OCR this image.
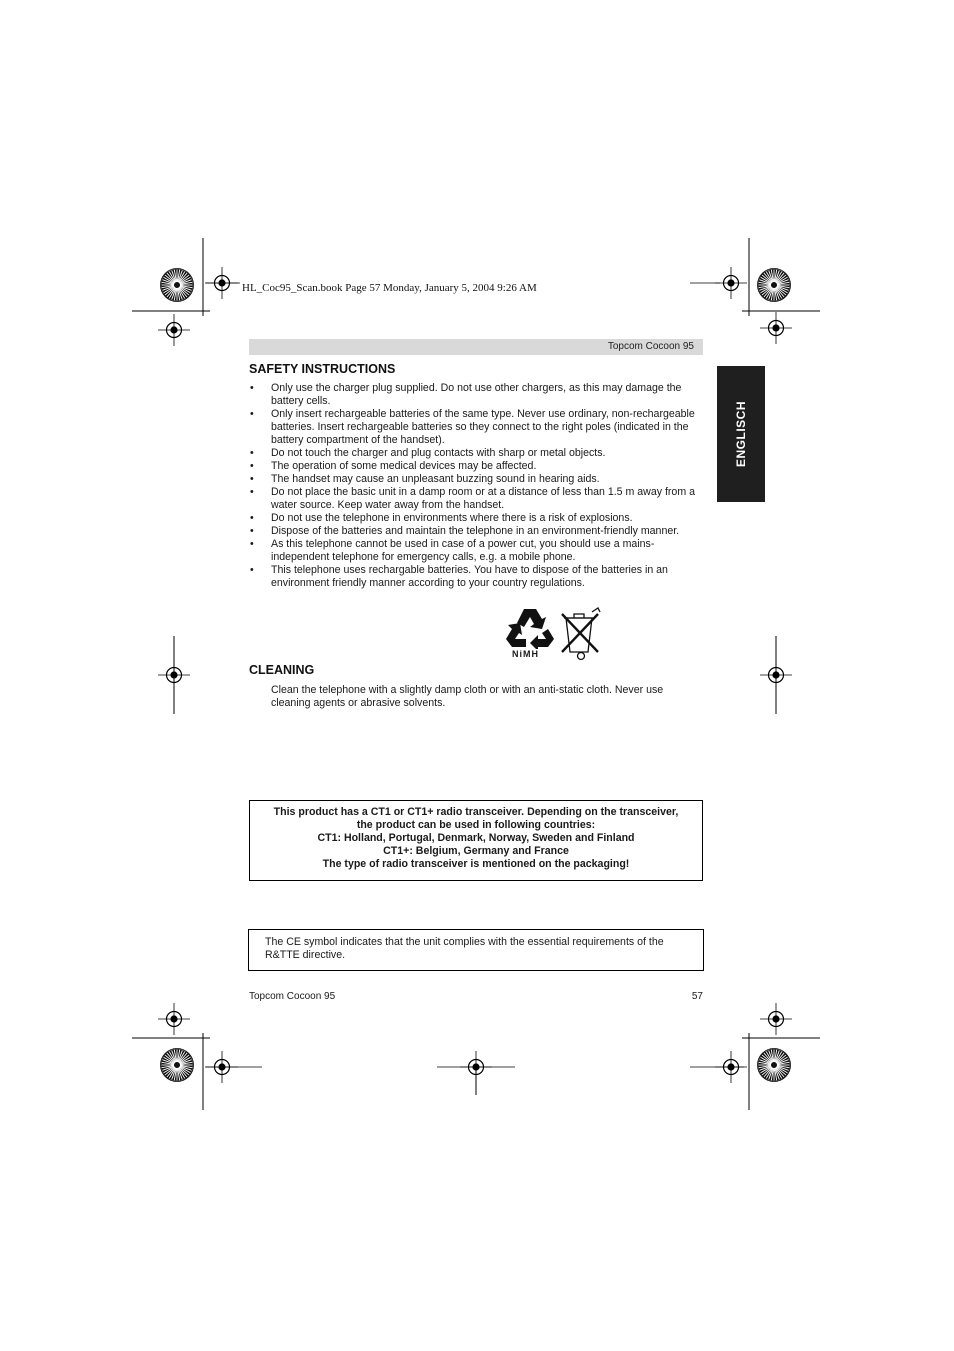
HL_Coc95_Scan.book Page 57 Monday, January 5, 2004 9:26 AM
Topcom Cocoon 95
ENGLISCH
SAFETY INSTRUCTIONS
• Only use the charger plug supplied. Do not use other chargers, as this may damage the battery cells.
• Only insert rechargeable batteries of the same type. Never use ordinary, non-rechargeable batteries. Insert rechargeable batteries so they connect to the right poles (indicated in the battery compartment of the handset).
• Do not touch the charger and plug contacts with sharp or metal objects.
• The operation of some medical devices may be affected.
• The handset may cause an unpleasant buzzing sound in hearing aids.
• Do not place the basic unit in a damp room or at a distance of less than 1.5 m away from a water source. Keep water away from the handset.
• Do not use the telephone in environments where there is a risk of explosions.
• Dispose of the batteries and maintain the telephone in an environment-friendly manner.
• As this telephone cannot be used in case of a power cut, you should use a mains-independent telephone for emergency calls, e.g. a mobile phone.
• This telephone uses rechargable batteries. You have to dispose of the batteries in an environment friendly manner according to your country regulations.
NiMH
CLEANING
Clean the telephone with a slightly damp cloth or with an anti-static cloth. Never use cleaning agents or abrasive solvents.

This product has a CT1 or CT1+ radio transceiver. Depending on the transceiver,

the product can be used in following countries:

CT1: Holland, Portugal, Denmark, Norway, Sweden and Finland

CT1+: Belgium, Germany and France

The type of radio transceiver is mentioned on the packaging!

The CE symbol indicates that the unit complies with the essential requirements of the R&TTE directive.

Topcom Cocoon 95	57
